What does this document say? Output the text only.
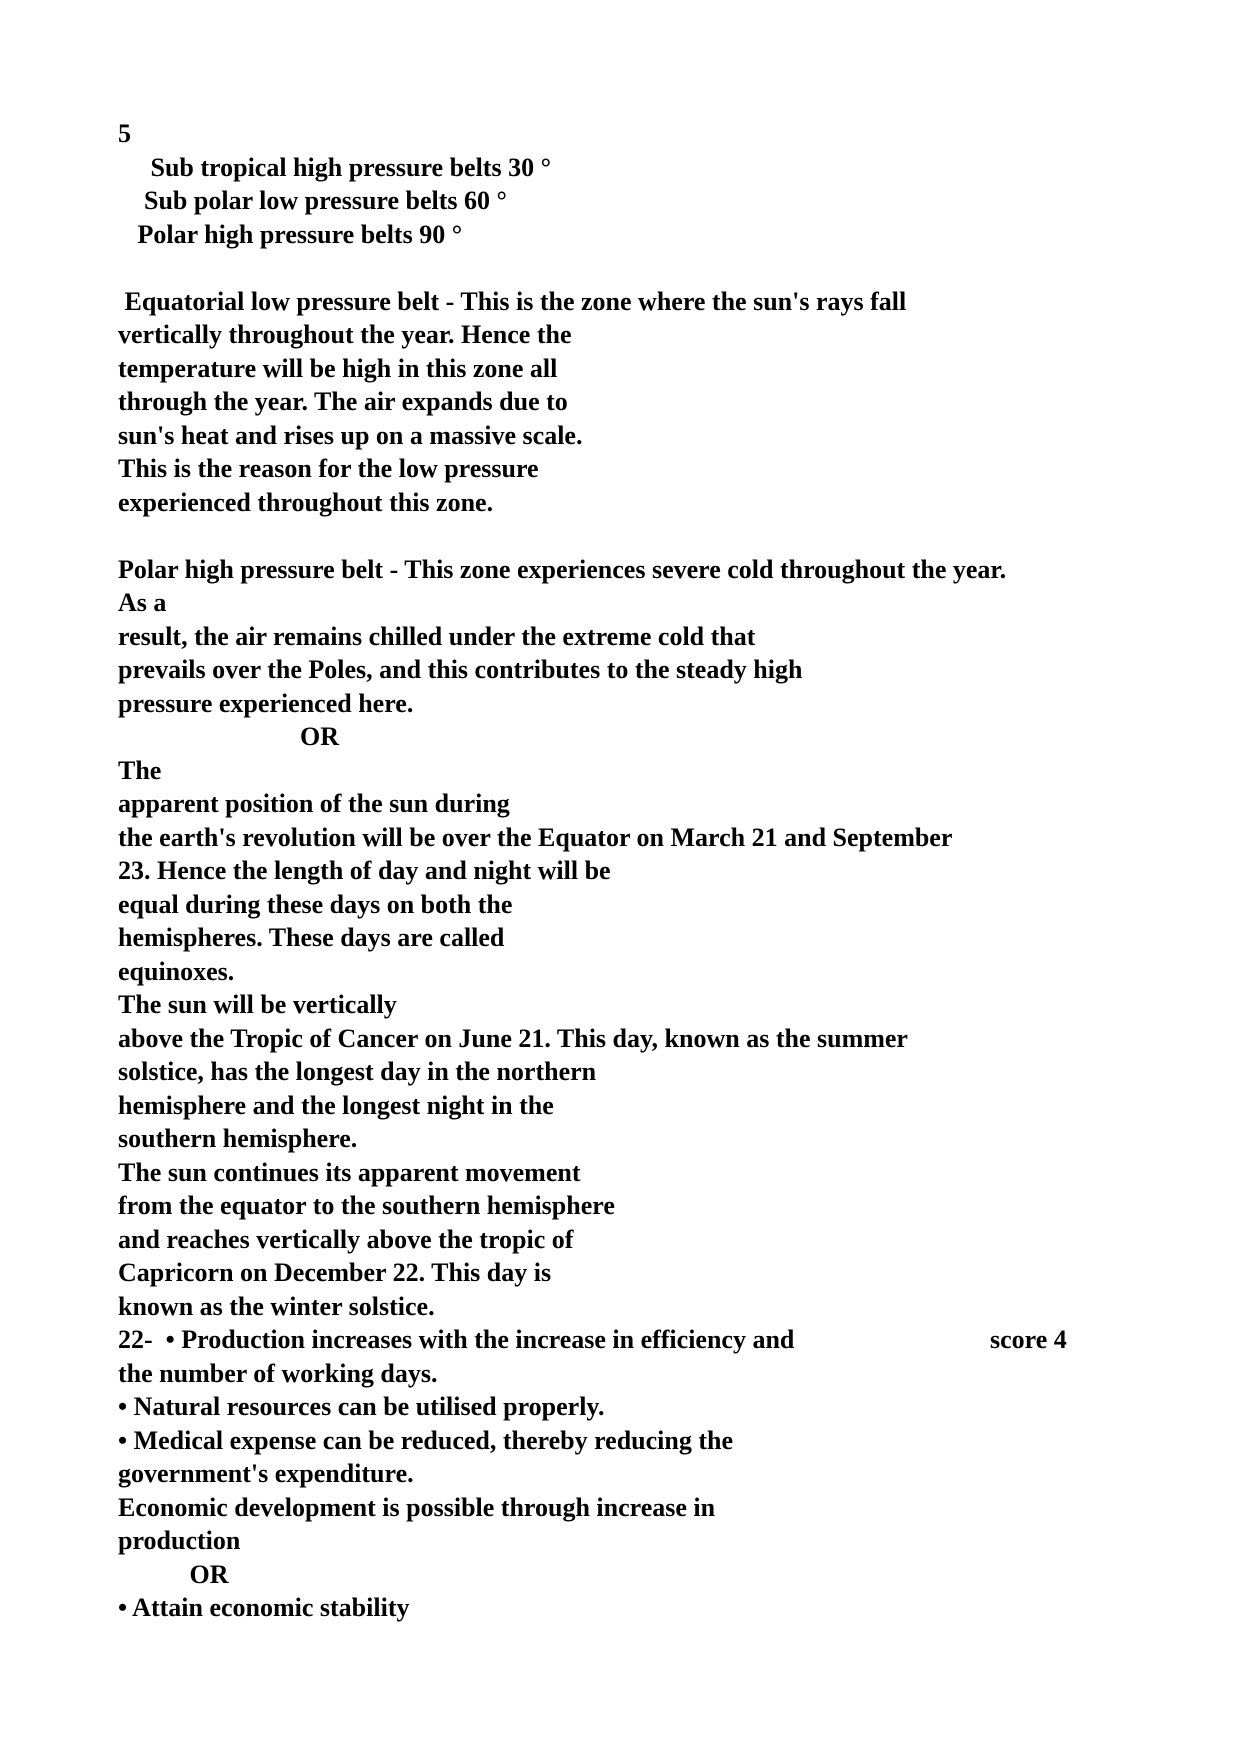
5
Sub tropical high pressure belts 30 °
Sub polar low pressure belts 60 °
Polar high pressure belts 90 °
Equatorial low pressure belt - This is the zone where the sun's rays fall
vertically throughout the year. Hence the
temperature will be high in this zone all
through the year. The air expands due to
sun's heat and rises up on a massive scale.
This is the reason for the low pressure
experienced throughout this zone.
Polar high pressure belt - This zone experiences severe cold throughout the year.
As a
result, the air remains chilled under the extreme cold that
prevails over the Poles, and this contributes to the steady high
pressure experienced here.
OR
The
apparent position of the sun during
the earth's revolution will be over the Equator on March 21 and September
23. Hence the length of day and night will be
equal during these days on both the
hemispheres. These days are called
equinoxes.
The sun will be vertically
above the Tropic of Cancer on June 21. This day, known as the summer
solstice, has the longest day in the northern
hemisphere and the longest night in the
southern hemisphere.
The sun continues its apparent movement
from the equator to the southern hemisphere
and reaches vertically above the tropic of
Capricorn on December 22. This day is
known as the winter solstice.
22-  • Production increases with the increase in efficiency and	score 4
the number of working days.
• Natural resources can be utilised properly.
• Medical expense can be reduced, thereby reducing the
government's expenditure.
Economic development is possible through increase in
production
OR
• Attain economic stability
